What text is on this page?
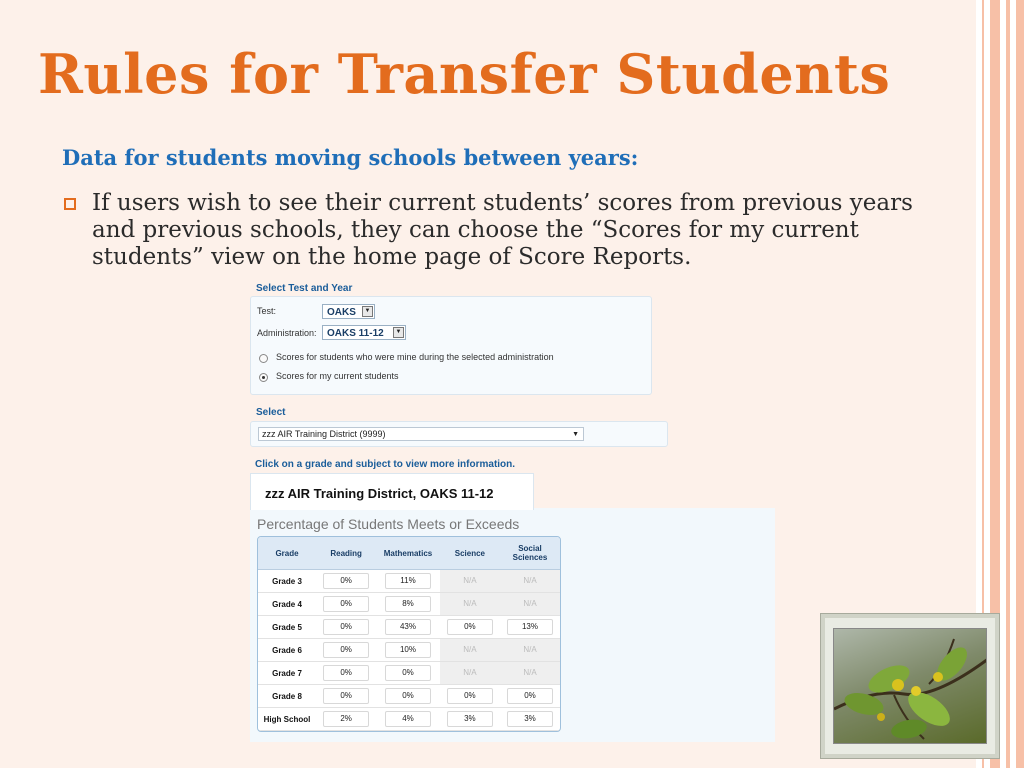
Rules for Transfer Students
Data for students moving schools between years:
If users wish to see their current students’ scores from previous years and previous schools, they can choose the “Scores for my current students” view on the home page of Score Reports.
Select Test and Year
Test:	OAKS	▼
Administration:	OAKS 11-12	▼
Scores for students who were mine during the selected administration
Scores for my current students
Select
zzz AIR Training District (9999)	▼
Click on a grade and subject to view more information.
Percentage of Students Meets or Exceeds
Grade	Reading	Mathematics	Science	Social Sciences
Grade 3	0%	11%	N/A	N/A
Grade 4	0%	8%	N/A	N/A
Grade 5	0%	43%	0%	13%
Grade 6	0%	10%	N/A	N/A
Grade 7	0%	0%	N/A	N/A
Grade 8	0%	0%	0%	0%
High School	2%	4%	3%	3%
zzz AIR Training District, OAKS 11-12
